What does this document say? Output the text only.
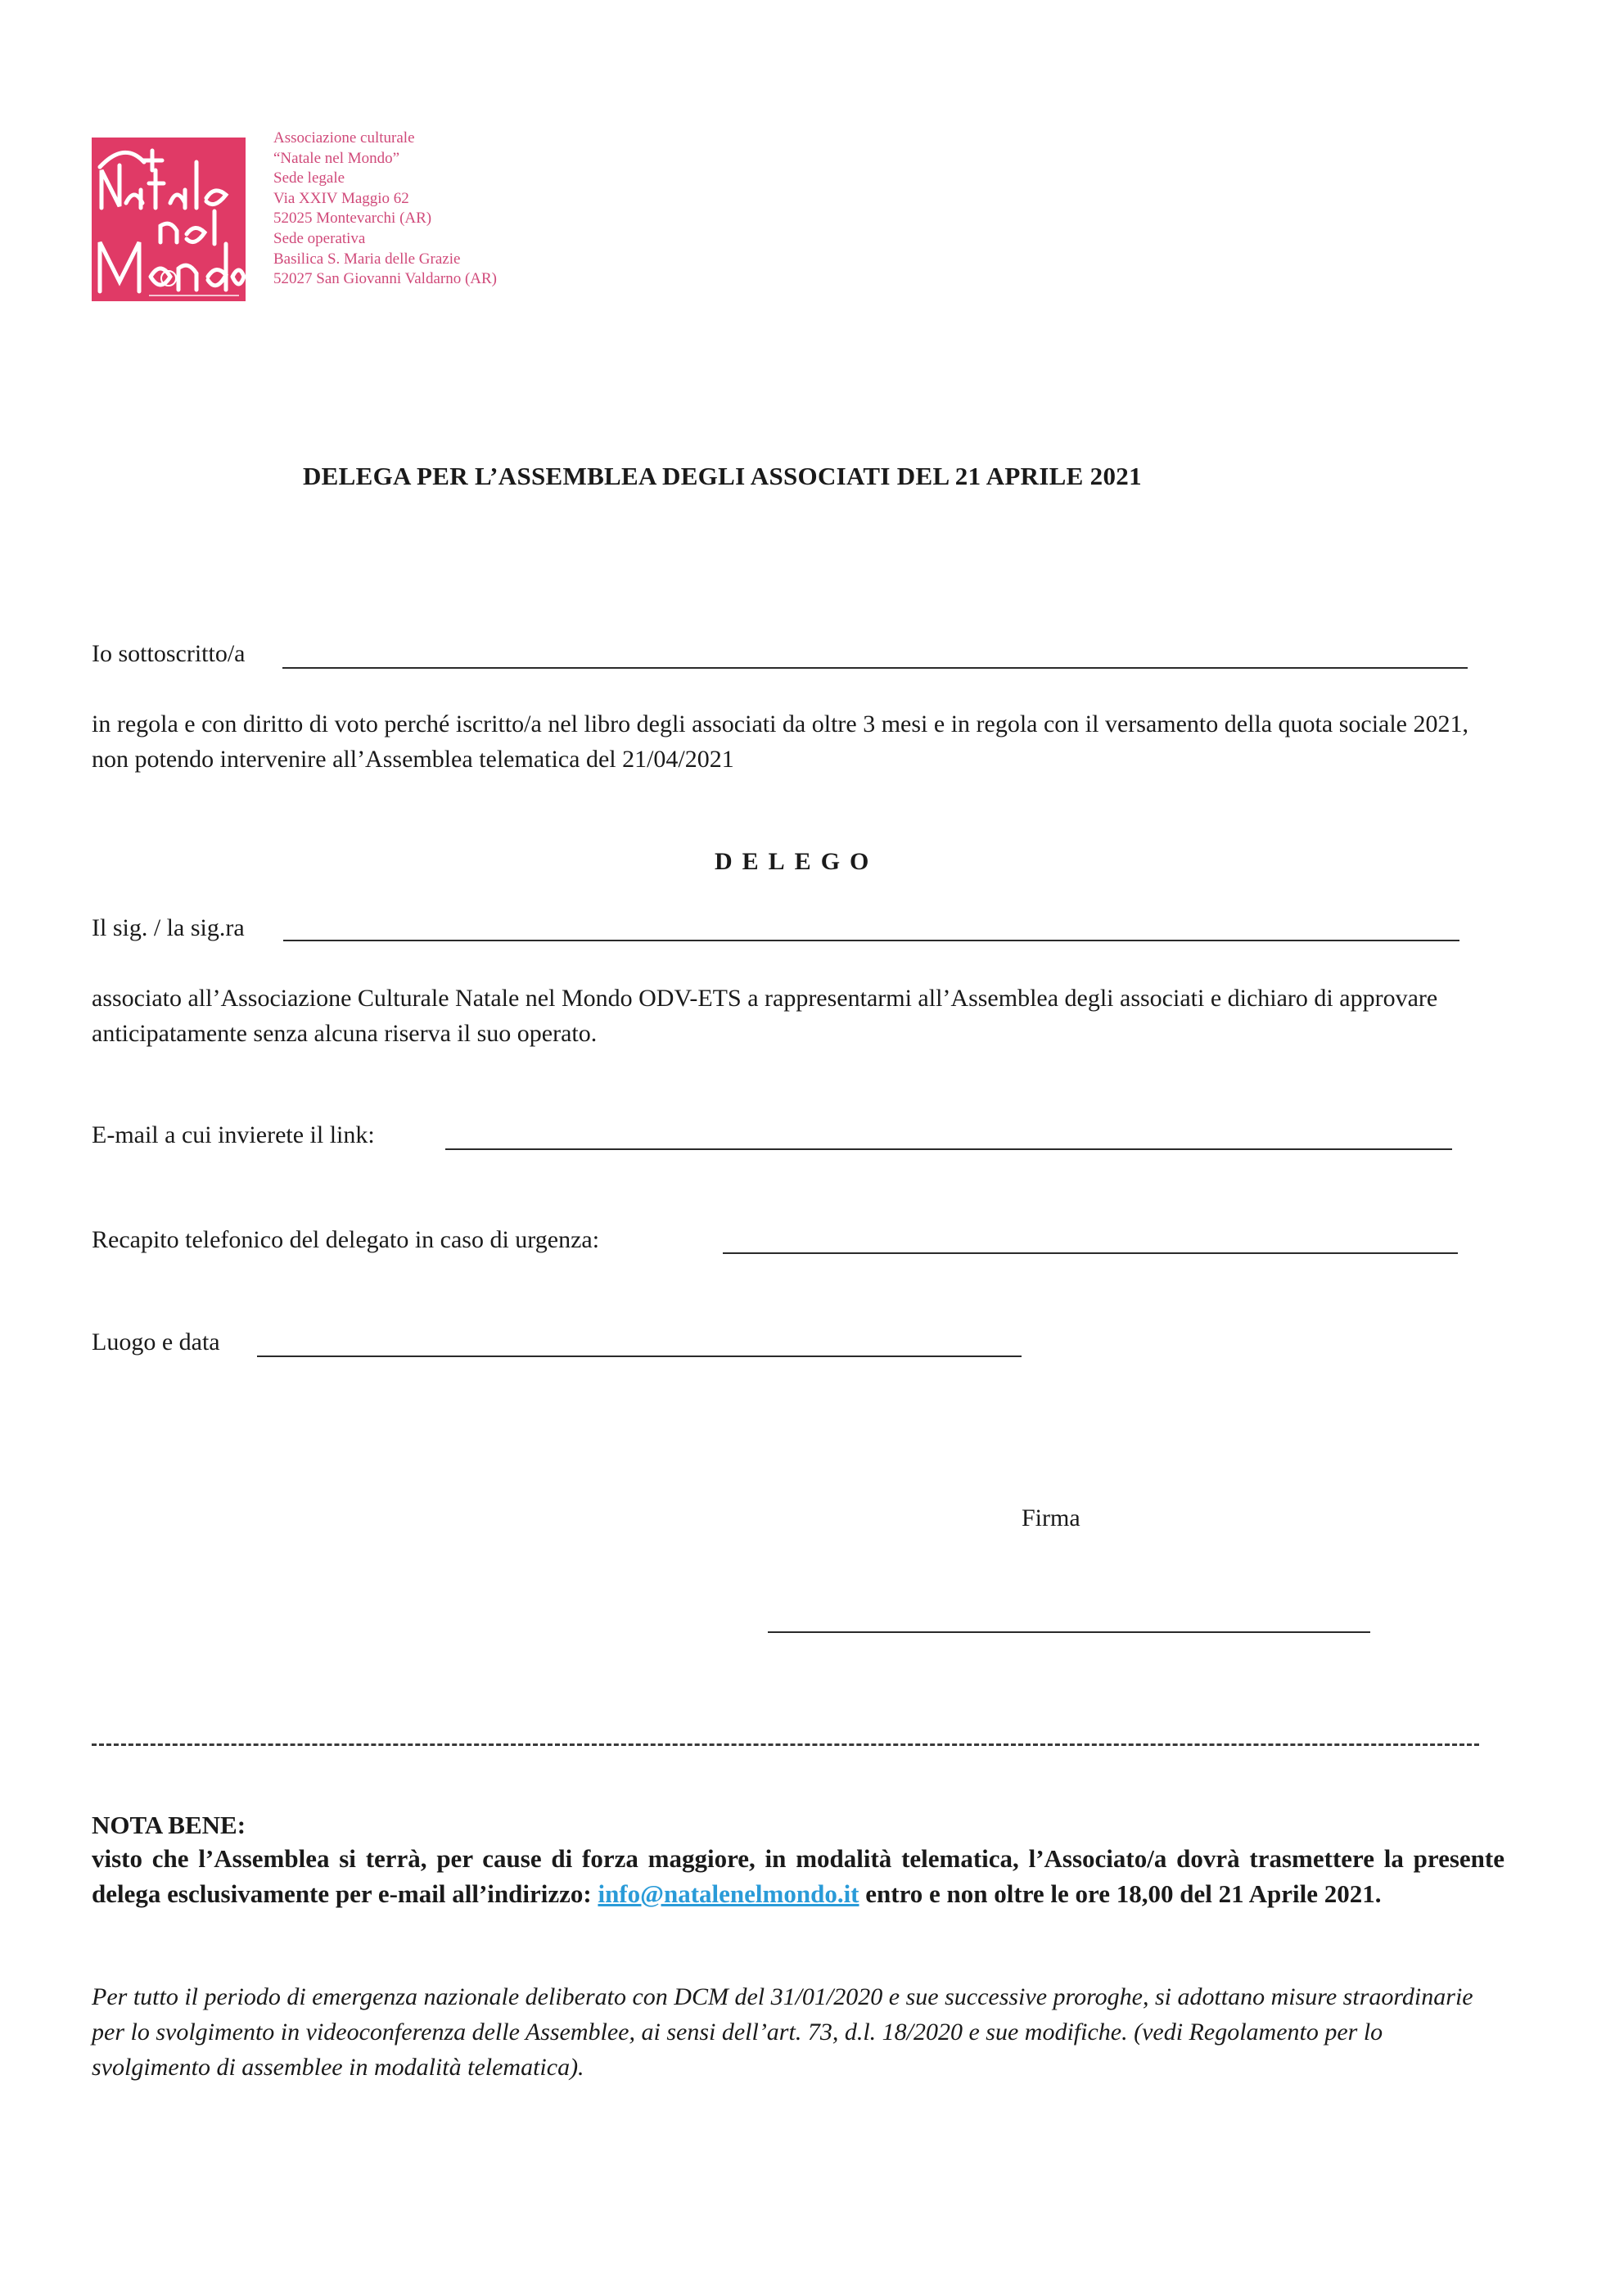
Associazione culturale
“Natale nel Mondo”
Sede legale
Via XXIV Maggio 62
52025 Montevarchi (AR)
Sede operativa
Basilica S. Maria delle Grazie
52027 San Giovanni Valdarno (AR)
DELEGA PER L’ASSEMBLEA DEGLI ASSOCIATI DEL 21 APRILE 2021
Io sottoscritto/a
in regola e con diritto di voto perché iscritto/a nel libro degli associati da oltre 3 mesi e in regola con il versamento della quota sociale 2021, non potendo intervenire all’Assemblea telematica del 21/04/2021
DELEGO
Il sig. / la sig.ra
associato all’Associazione Culturale Natale nel Mondo ODV-ETS a rappresentarmi all’Assemblea degli associati e dichiaro di approvare anticipatamente senza alcuna riserva il suo operato.
E-mail a cui invierete il link:
Recapito telefonico del delegato in caso di urgenza:
Luogo e data
Firma
NOTA BENE:
visto che l’Assemblea si terrà, per cause di forza maggiore, in modalità telematica, l’Associato/a dovrà trasmettere la presente delega esclusivamente per e-mail all’indirizzo: info@natalenelmondo.it entro e non oltre le ore 18,00 del 21 Aprile 2021.
Per tutto il periodo di emergenza nazionale deliberato con DCM del 31/01/2020 e sue successive proroghe, si adottano misure straordinarie per lo svolgimento in videoconferenza delle Assemblee, ai sensi dell’art. 73, d.l. 18/2020 e sue modifiche. (vedi Regolamento per lo svolgimento di assemblee in modalità telematica).
